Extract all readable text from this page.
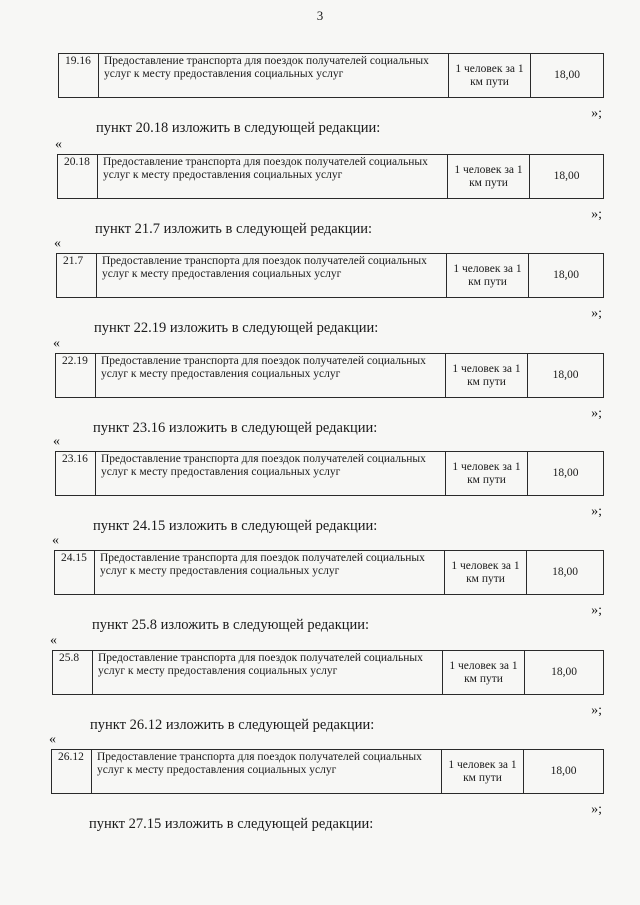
3
19.16	Предоставление транспорта для поездок получателей социальных услуг к месту предоставления социальных услуг	1 человек за 1 км пути	18,00
»;
пункт 20.18 изложить в следующей редакции:
«
20.18	Предоставление транспорта для поездок получателей социальных услуг к месту предоставления социальных услуг	1 человек за 1 км пути	18,00
»;
пункт 21.7 изложить в следующей редакции:
«
21.7	Предоставление транспорта для поездок получателей социальных услуг к месту предоставления социальных услуг	1 человек за 1 км пути	18,00
»;
пункт 22.19 изложить в следующей редакции:
«
22.19	Предоставление транспорта для поездок получателей социальных услуг к месту предоставления социальных услуг	1 человек за 1 км пути	18,00
»;
пункт 23.16 изложить в следующей редакции:
«
23.16	Предоставление транспорта для поездок получателей социальных услуг к месту предоставления социальных услуг	1 человек за 1 км пути	18,00
»;
пункт 24.15 изложить в следующей редакции:
«
24.15	Предоставление транспорта для поездок получателей социальных услуг к месту предоставления социальных услуг	1 человек за 1 км пути	18,00
»;
пункт 25.8 изложить в следующей редакции:
«
25.8	Предоставление транспорта для поездок получателей социальных услуг к месту предоставления социальных услуг	1 человек за 1 км пути	18,00
»;
пункт 26.12 изложить в следующей редакции:
«
26.12	Предоставление транспорта для поездок получателей социальных услуг к месту предоставления социальных услуг	1 человек за 1 км пути	18,00
»;
пункт 27.15 изложить в следующей редакции:
